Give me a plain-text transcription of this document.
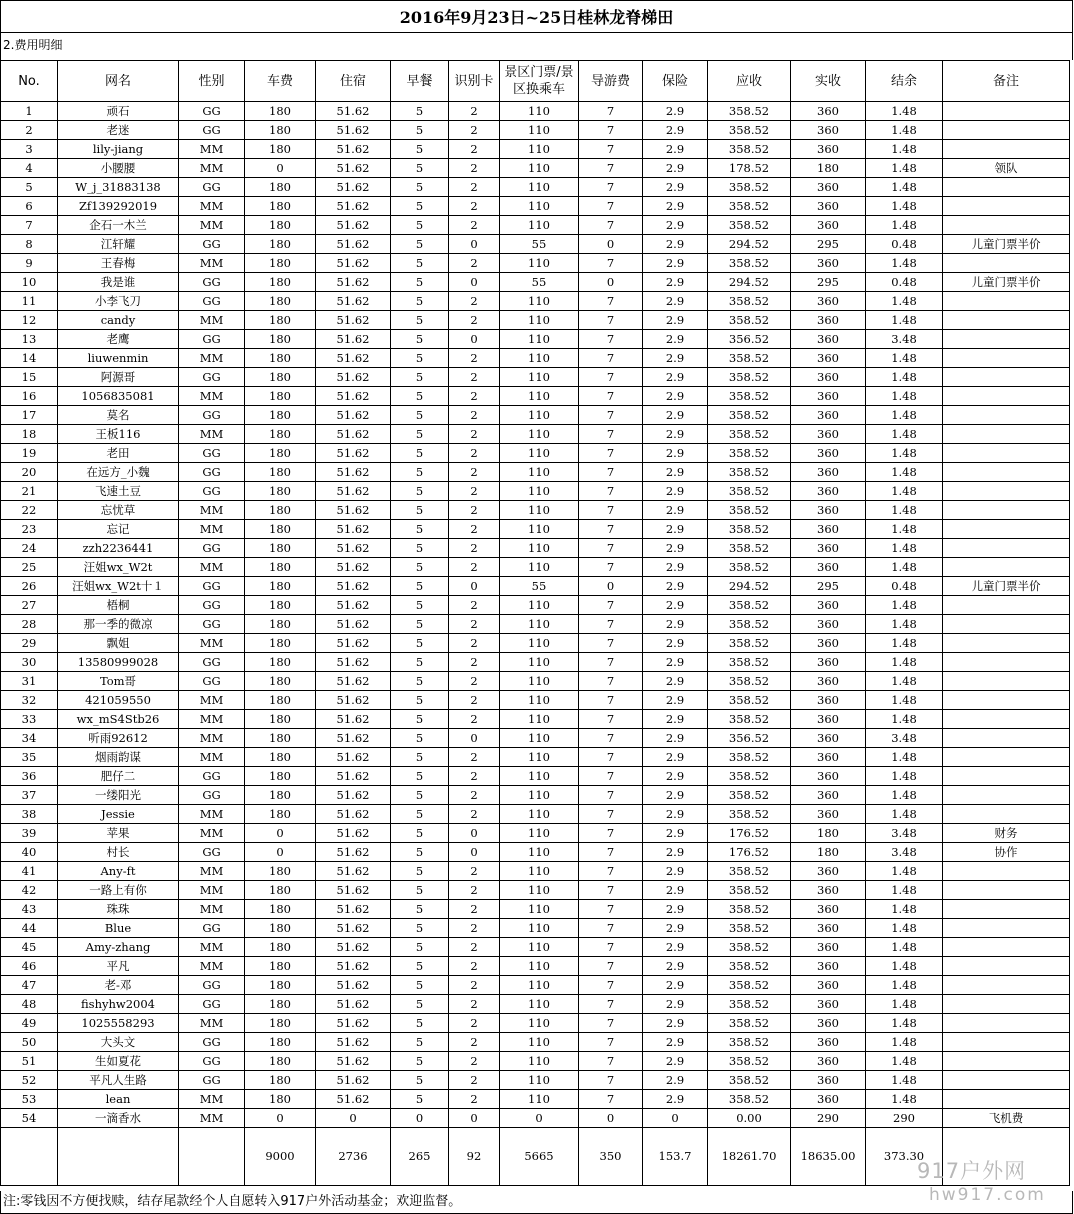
2016年9月23日~25日桂林龙脊梯田
2.费用明细
No.	网名	性别	车费	住宿	早餐	识别卡	景区门票/景区换乘车	导游费	保险	应收	实收	结余	备注
1	顽石	GG	180	51.62	5	2	110	7	2.9	358.52	360	1.48	
2	老迷	GG	180	51.62	5	2	110	7	2.9	358.52	360	1.48	
3	lily-jiang	MM	180	51.62	5	2	110	7	2.9	358.52	360	1.48	
4	小腰腰	MM	0	51.62	5	2	110	7	2.9	178.52	180	1.48	领队
5	W_j_31883138	GG	180	51.62	5	2	110	7	2.9	358.52	360	1.48	
6	Zf139292019	MM	180	51.62	5	2	110	7	2.9	358.52	360	1.48	
7	企石一木兰	MM	180	51.62	5	2	110	7	2.9	358.52	360	1.48	
8	江轩耀	GG	180	51.62	5	0	55	0	2.9	294.52	295	0.48	儿童门票半价
9	王春梅	MM	180	51.62	5	2	110	7	2.9	358.52	360	1.48	
10	我是谁	GG	180	51.62	5	0	55	0	2.9	294.52	295	0.48	儿童门票半价
11	小李飞刀	GG	180	51.62	5	2	110	7	2.9	358.52	360	1.48	
12	candy	MM	180	51.62	5	2	110	7	2.9	358.52	360	1.48	
13	老鹰	GG	180	51.62	5	0	110	7	2.9	356.52	360	3.48	
14	liuwenmin	MM	180	51.62	5	2	110	7	2.9	358.52	360	1.48	
15	阿源哥	GG	180	51.62	5	2	110	7	2.9	358.52	360	1.48	
16	1056835081	MM	180	51.62	5	2	110	7	2.9	358.52	360	1.48	
17	莫名	GG	180	51.62	5	2	110	7	2.9	358.52	360	1.48	
18	王板116	MM	180	51.62	5	2	110	7	2.9	358.52	360	1.48	
19	老田	GG	180	51.62	5	2	110	7	2.9	358.52	360	1.48	
20	在远方_小魏	GG	180	51.62	5	2	110	7	2.9	358.52	360	1.48	
21	飞速土豆	GG	180	51.62	5	2	110	7	2.9	358.52	360	1.48	
22	忘忧草	MM	180	51.62	5	2	110	7	2.9	358.52	360	1.48	
23	忘记	MM	180	51.62	5	2	110	7	2.9	358.52	360	1.48	
24	zzh2236441	GG	180	51.62	5	2	110	7	2.9	358.52	360	1.48	
25	汪姐wx_W2t	MM	180	51.62	5	2	110	7	2.9	358.52	360	1.48	
26	汪姐wx_W2t十１	GG	180	51.62	5	0	55	0	2.9	294.52	295	0.48	儿童门票半价
27	梧桐	GG	180	51.62	5	2	110	7	2.9	358.52	360	1.48	
28	那一季的微凉	GG	180	51.62	5	2	110	7	2.9	358.52	360	1.48	
29	飘姐	MM	180	51.62	5	2	110	7	2.9	358.52	360	1.48	
30	13580999028	GG	180	51.62	5	2	110	7	2.9	358.52	360	1.48	
31	Tom哥	GG	180	51.62	5	2	110	7	2.9	358.52	360	1.48	
32	421059550	MM	180	51.62	5	2	110	7	2.9	358.52	360	1.48	
33	wx_mS4Stb26	MM	180	51.62	5	2	110	7	2.9	358.52	360	1.48	
34	听雨92612	MM	180	51.62	5	0	110	7	2.9	356.52	360	3.48	
35	烟雨韵谋	MM	180	51.62	5	2	110	7	2.9	358.52	360	1.48	
36	肥仔二	GG	180	51.62	5	2	110	7	2.9	358.52	360	1.48	
37	一缕阳光	GG	180	51.62	5	2	110	7	2.9	358.52	360	1.48	
38	Jessie	MM	180	51.62	5	2	110	7	2.9	358.52	360	1.48	
39	苹果	MM	0	51.62	5	0	110	7	2.9	176.52	180	3.48	财务
40	村长	GG	0	51.62	5	0	110	7	2.9	176.52	180	3.48	协作
41	Any-ft	MM	180	51.62	5	2	110	7	2.9	358.52	360	1.48	
42	一路上有你	MM	180	51.62	5	2	110	7	2.9	358.52	360	1.48	
43	珠珠	MM	180	51.62	5	2	110	7	2.9	358.52	360	1.48	
44	Blue	GG	180	51.62	5	2	110	7	2.9	358.52	360	1.48	
45	Amy-zhang	MM	180	51.62	5	2	110	7	2.9	358.52	360	1.48	
46	平凡	MM	180	51.62	5	2	110	7	2.9	358.52	360	1.48	
47	老-邓	GG	180	51.62	5	2	110	7	2.9	358.52	360	1.48	
48	fishyhw2004	GG	180	51.62	5	2	110	7	2.9	358.52	360	1.48	
49	1025558293	MM	180	51.62	5	2	110	7	2.9	358.52	360	1.48	
50	大头文	GG	180	51.62	5	2	110	7	2.9	358.52	360	1.48	
51	生如夏花	GG	180	51.62	5	2	110	7	2.9	358.52	360	1.48	
52	平凡人生路	GG	180	51.62	5	2	110	7	2.9	358.52	360	1.48	
53	lean	MM	180	51.62	5	2	110	7	2.9	358.52	360	1.48	
54	一滴香水	MM	0	0	0	0	0	0	0	0.00	290	290	飞机费
			9000	2736	265	92	5665	350	153.7	18261.70	18635.00	373.30	
注:零钱因不方便找赎，结存尾款经个人自愿转入917户外活动基金；欢迎监督。
917户外网
hw917.com
